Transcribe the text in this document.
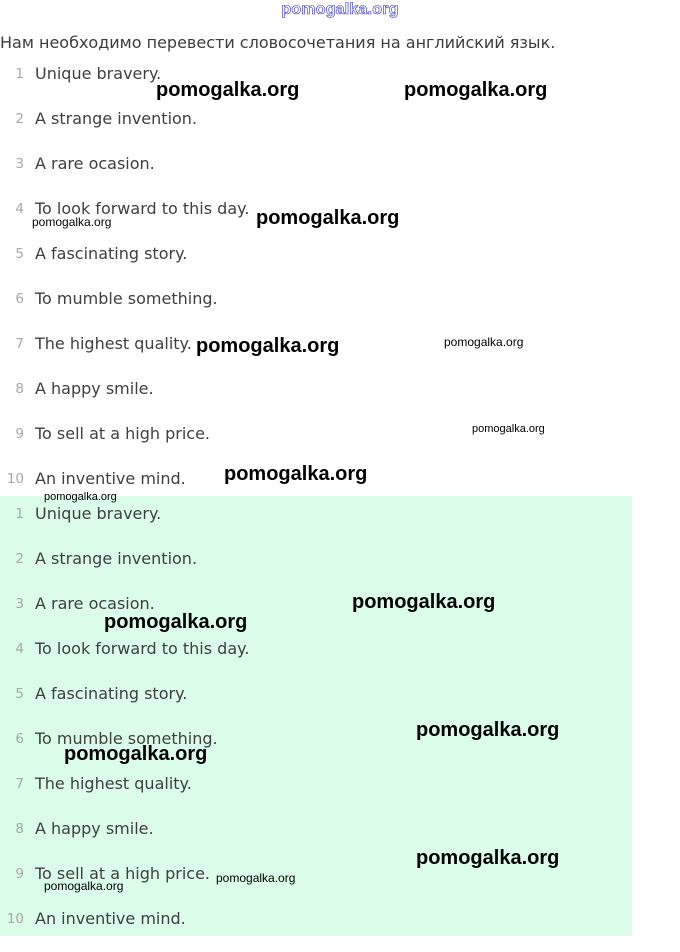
pomogalka.org
Нам необходимо перевести словосочетания на английский язык.
1 Unique bravery.
2 A strange invention.
3 A rare ocasion.
4 To look forward to this day.
5 A fascinating story.
6 To mumble something.
7 The highest quality.
8 A happy smile.
9 To sell at a high price.
10 An inventive mind.
1 Unique bravery.
2 A strange invention.
3 A rare ocasion.
4 To look forward to this day.
5 A fascinating story.
6 To mumble something.
7 The highest quality.
8 A happy smile.
9 To sell at a high price.
10 An inventive mind.
pomogalka.org	pomogalka.org
pomogalka.org
pomogalka.org
pomogalka.org	pomogalka.org
pomogalka.org
pomogalka.org
pomogalka.org
pomogalka.org
pomogalka.org
pomogalka.org
pomogalka.org
pomogalka.org
pomogalka.org
pomogalka.org
